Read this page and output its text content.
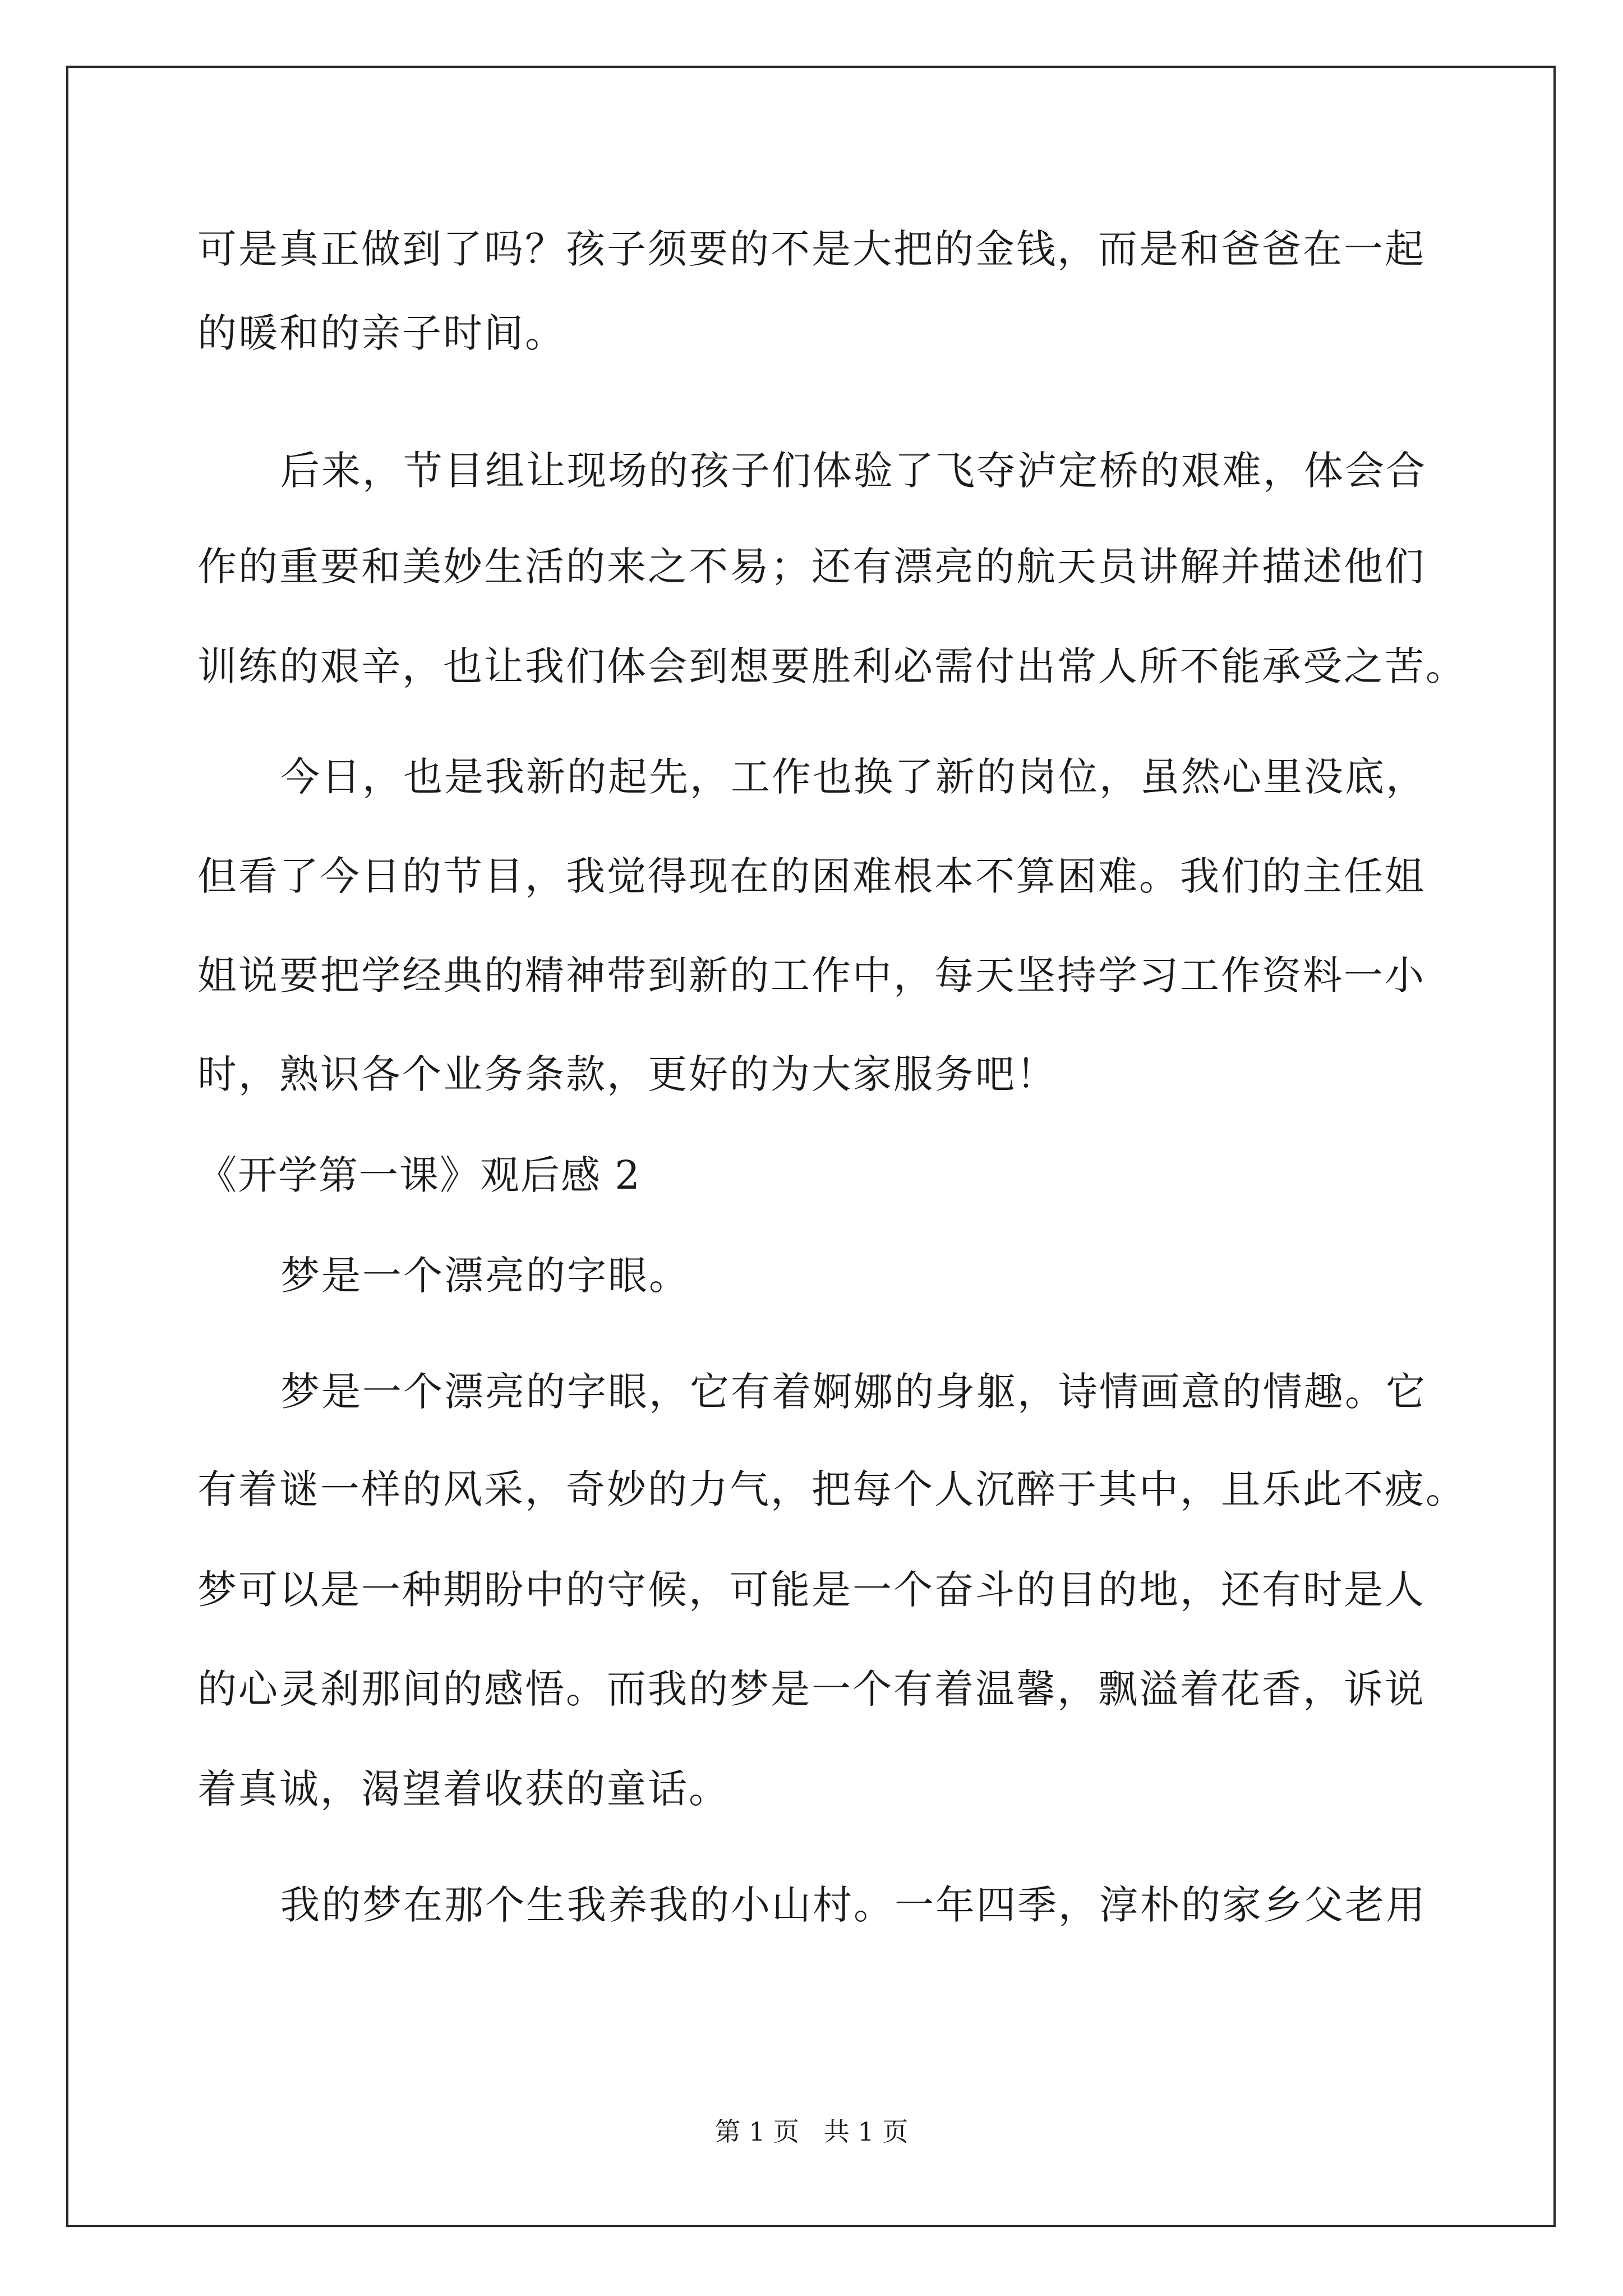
可是真正做到了吗？孩子须要的不是大把的金钱，而是和爸爸在一起
的暖和的亲子时间。
后来，节目组让现场的孩子们体验了飞夺泸定桥的艰难，体会合
作的重要和美妙生活的来之不易；还有漂亮的航天员讲解并描述他们
训练的艰辛，也让我们体会到想要胜利必需付出常人所不能承受之苦。
今日，也是我新的起先，工作也换了新的岗位，虽然心里没底，
但看了今日的节目，我觉得现在的困难根本不算困难。我们的主任姐
姐说要把学经典的精神带到新的工作中，每天坚持学习工作资料一小
时，熟识各个业务条款，更好的为大家服务吧！
《开学第一课》观后感 2
梦是一个漂亮的字眼。
梦是一个漂亮的字眼，它有着婀娜的身躯，诗情画意的情趣。它
有着谜一样的风采，奇妙的力气，把每个人沉醉于其中，且乐此不疲。
梦可以是一种期盼中的守候，可能是一个奋斗的目的地，还有时是人
的心灵刹那间的感悟。而我的梦是一个有着温馨，飘溢着花香，诉说
着真诚，渴望着收获的童话。
我的梦在那个生我养我的小山村。一年四季，淳朴的家乡父老用
第 1 页   共 1 页
